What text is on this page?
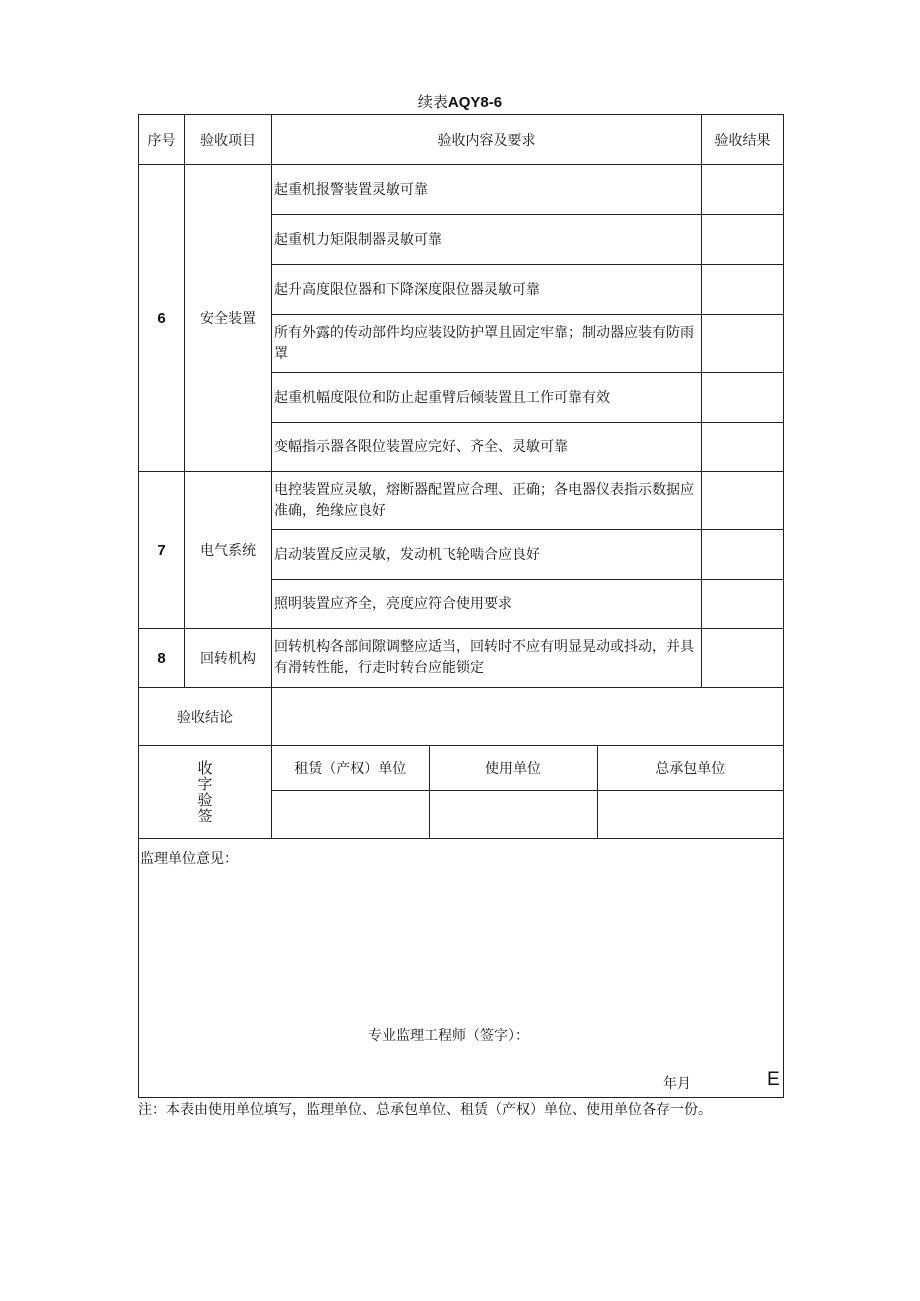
续表AQY8-6
序号	验收项目	验收内容及要求	验收结果
6	安全装置	起重机报警装置灵敏可靠	
起重机力矩限制器灵敏可靠	
起升高度限位器和下降深度限位器灵敏可靠	
所有外露的传动部件均应装设防护罩且固定牢靠；制动器应装有防雨罩	
起重机幅度限位和防止起重臂后倾装置且工作可靠有效	
变幅指示器各限位装置应完好、齐全、灵敏可靠	
7	电气系统	电控装置应灵敏，熔断器配置应合理、正确；各电器仪表指示数据应准确，绝缘应良好	
启动装置反应灵敏，发动机飞轮啮合应良好	
照明装置应齐全，亮度应符合使用要求	
8	回转机构	回转机构各部间隙调整应适当，回转时不应有明显晃动或抖动，并具有滑转性能，行走时转台应能锁定	
验收结论	
收
字
验
签	
租赁（产权）单位	使用单位	总承包单位

监理单位意见：
专业监理工程师（签字）：
年月	E
注：本表由使用单位填写，监理单位、总承包单位、租赁（产权）单位、使用单位各存一份。
